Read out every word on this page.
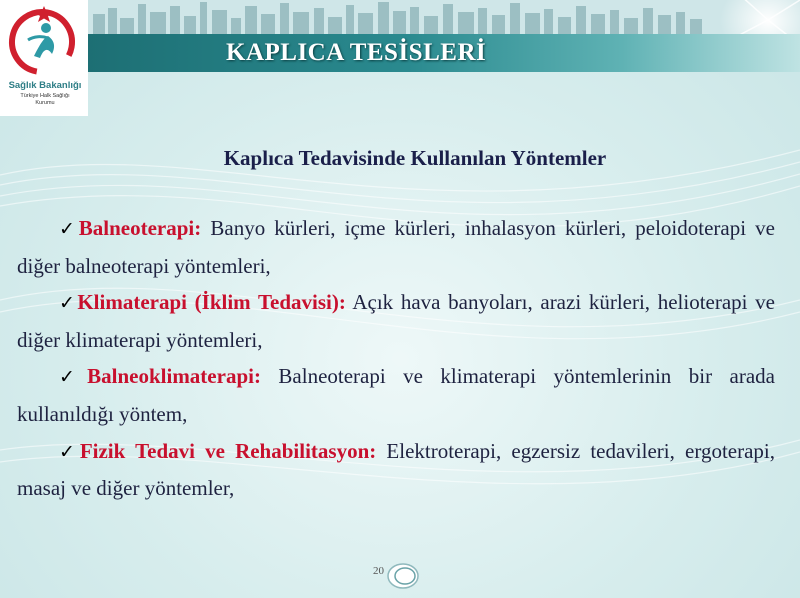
KAPLICA TESİSLERİ
Sağlık Bakanlığı
Türkiye Halk Sağlığı
Kurumu
Kaplıca Tedavisinde Kullanılan Yöntemler
✓Balneoterapi: Banyo kürleri, içme kürleri, inhalasyon kürleri, peloidoterapi ve diğer balneoterapi yöntemleri,
✓Klimaterapi (İklim Tedavisi): Açık hava banyoları, arazi kürleri, helioterapi ve diğer klimaterapi yöntemleri,
✓Balneoklimaterapi: Balneoterapi ve klimaterapi yöntemlerinin bir arada kullanıldığı yöntem,
✓Fizik Tedavi ve Rehabilitasyon: Elektroterapi, egzersiz tedavileri, ergoterapi, masaj ve diğer yöntemler,
20
